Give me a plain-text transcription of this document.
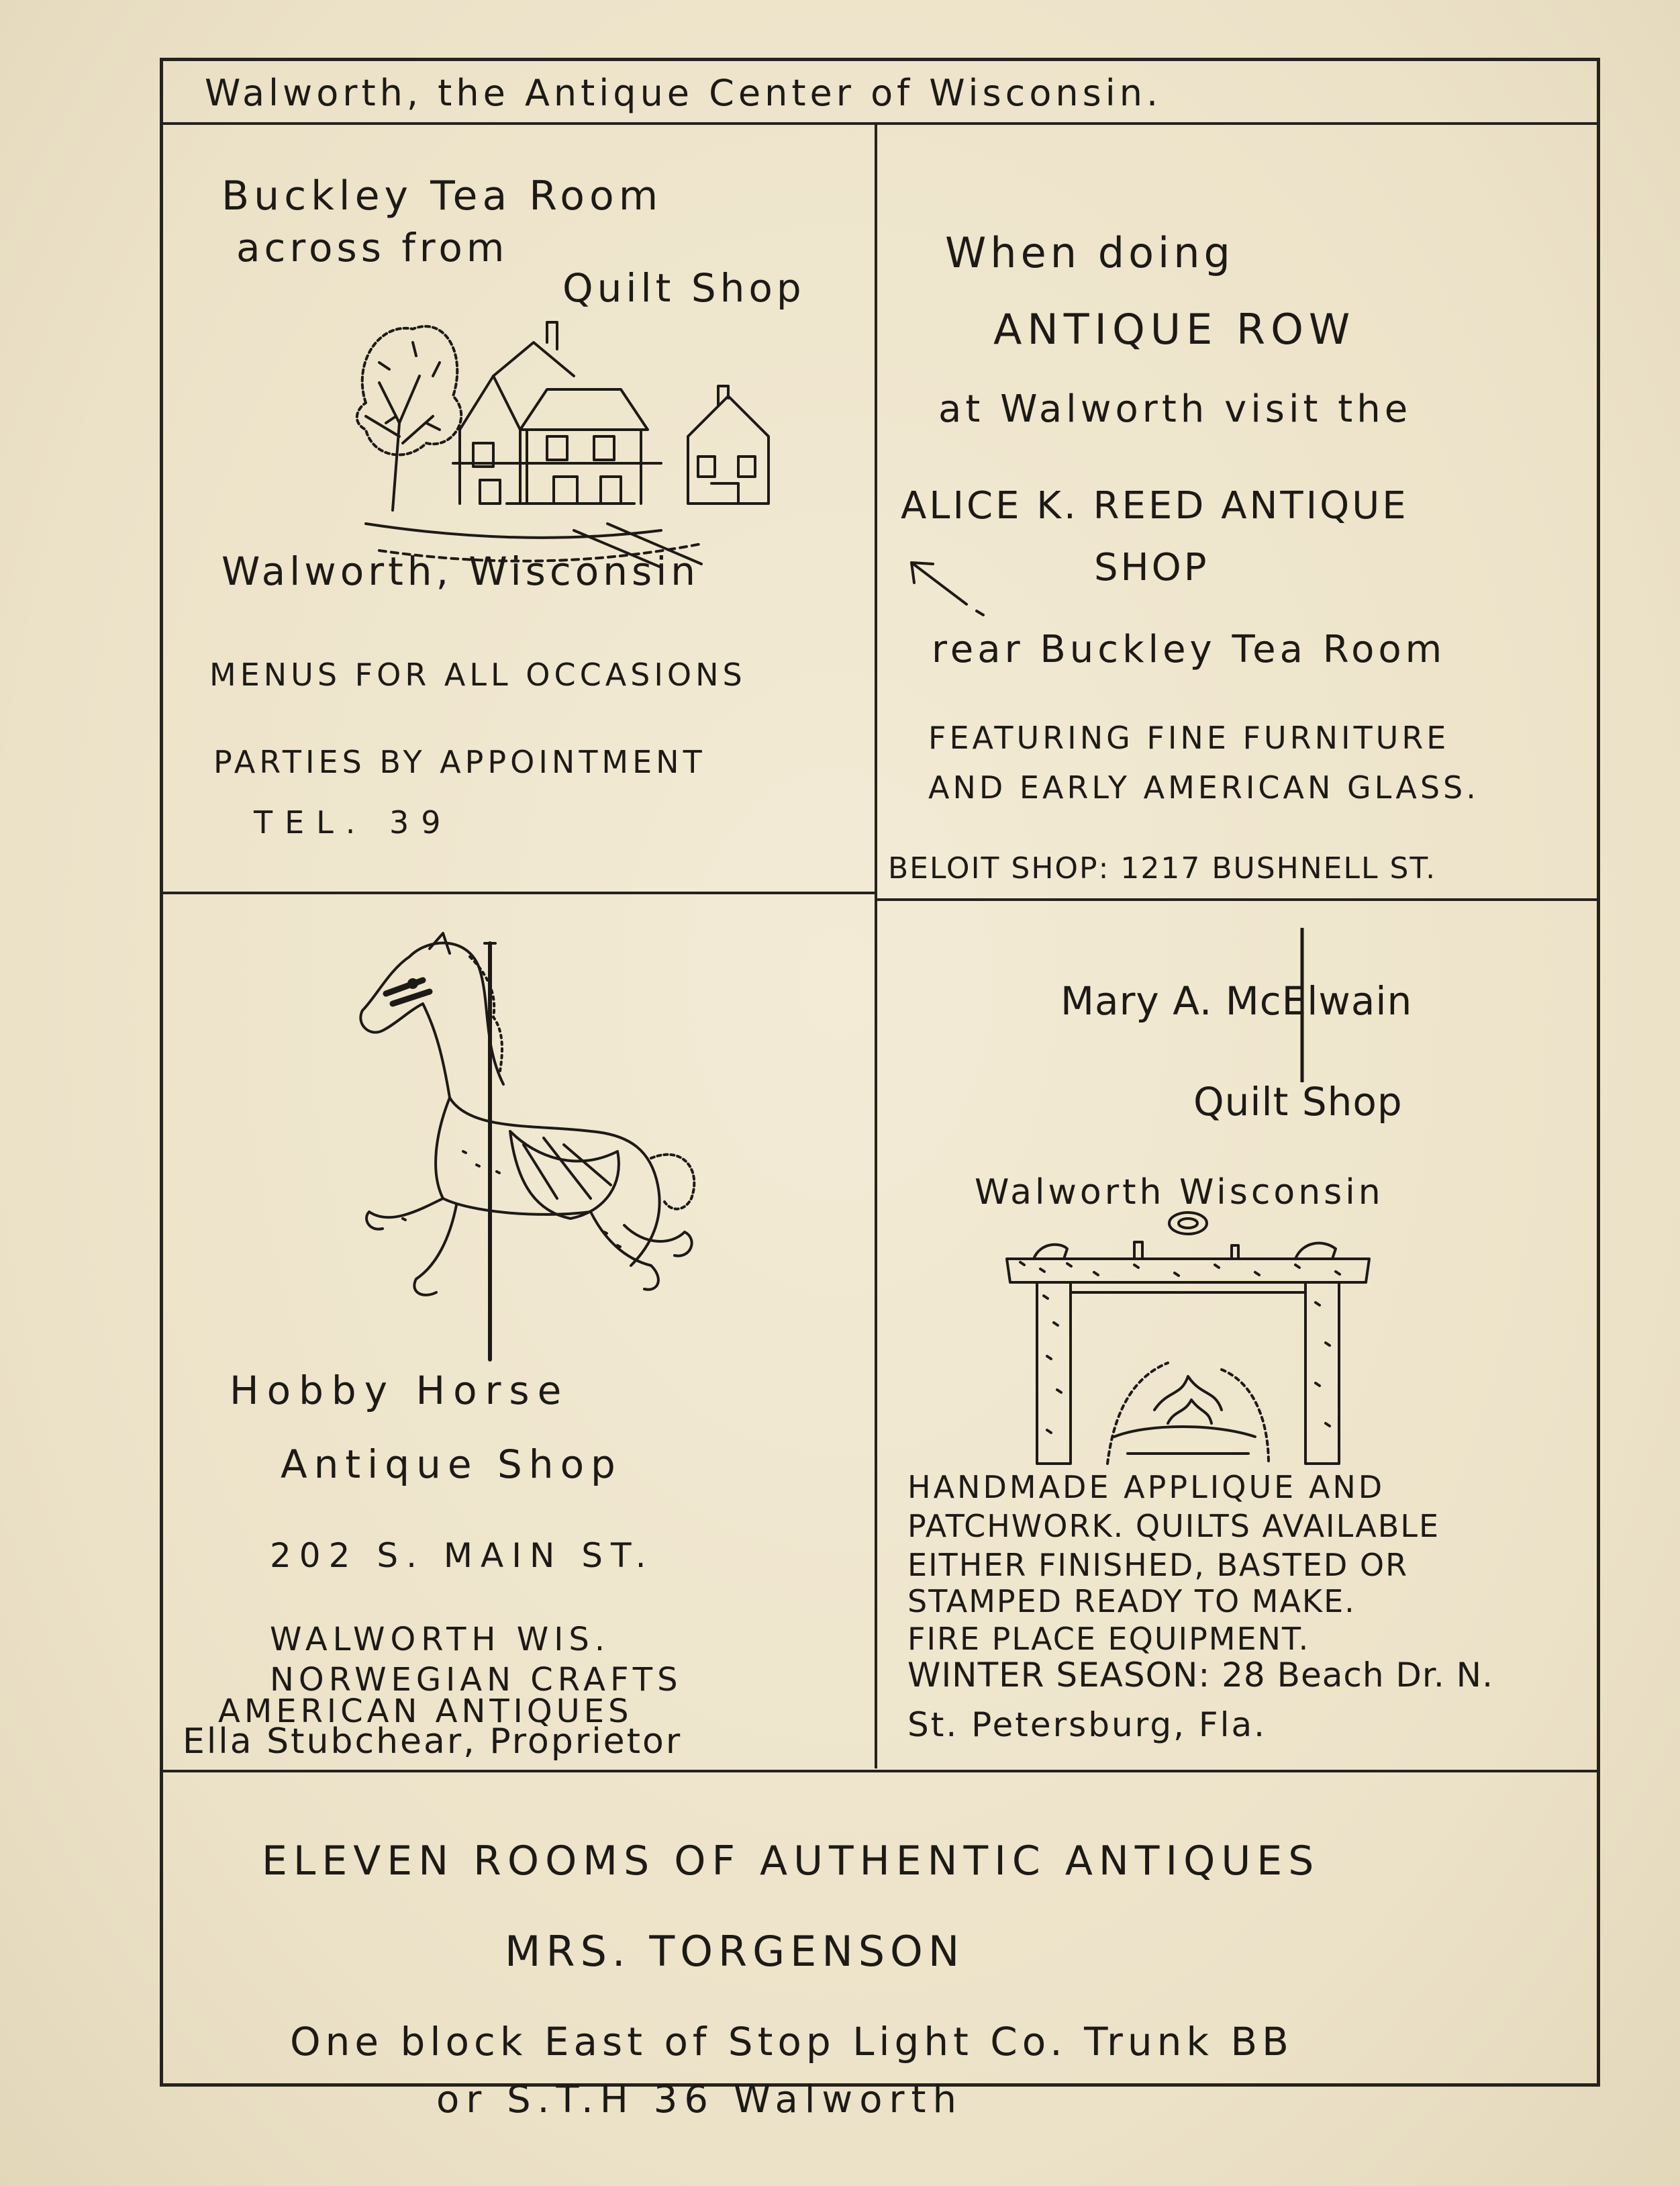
Walworth, the Antique Center of Wisconsin.
Buckley Tea Room
across from
Quilt Shop
Walworth, Wisconsin
MENUS FOR ALL OCCASIONS
PARTIES BY APPOINTMENT
TEL. 39
When doing
ANTIQUE ROW
at Walworth visit the
ALICE K. REED ANTIQUE
SHOP
rear Buckley Tea Room
FEATURING FINE FURNITURE
AND EARLY AMERICAN GLASS.
BELOIT SHOP: 1217 BUSHNELL ST.
Hobby Horse
Antique Shop
202 S. MAIN ST.
WALWORTH WIS.
NORWEGIAN CRAFTS
AMERICAN ANTIQUES
Ella Stubchear, Proprietor
Mary A. McElwain
Quilt Shop
Walworth Wisconsin
HANDMADE APPLIQUE AND
PATCHWORK. QUILTS AVAILABLE
EITHER FINISHED, BASTED OR
STAMPED READY TO MAKE.
FIRE PLACE EQUIPMENT.
WINTER SEASON: 28 Beach Dr. N.
St. Petersburg, Fla.
ELEVEN ROOMS OF AUTHENTIC ANTIQUES
MRS. TORGENSON
One block East of Stop Light Co. Trunk BB
or S.T.H 36 Walworth
